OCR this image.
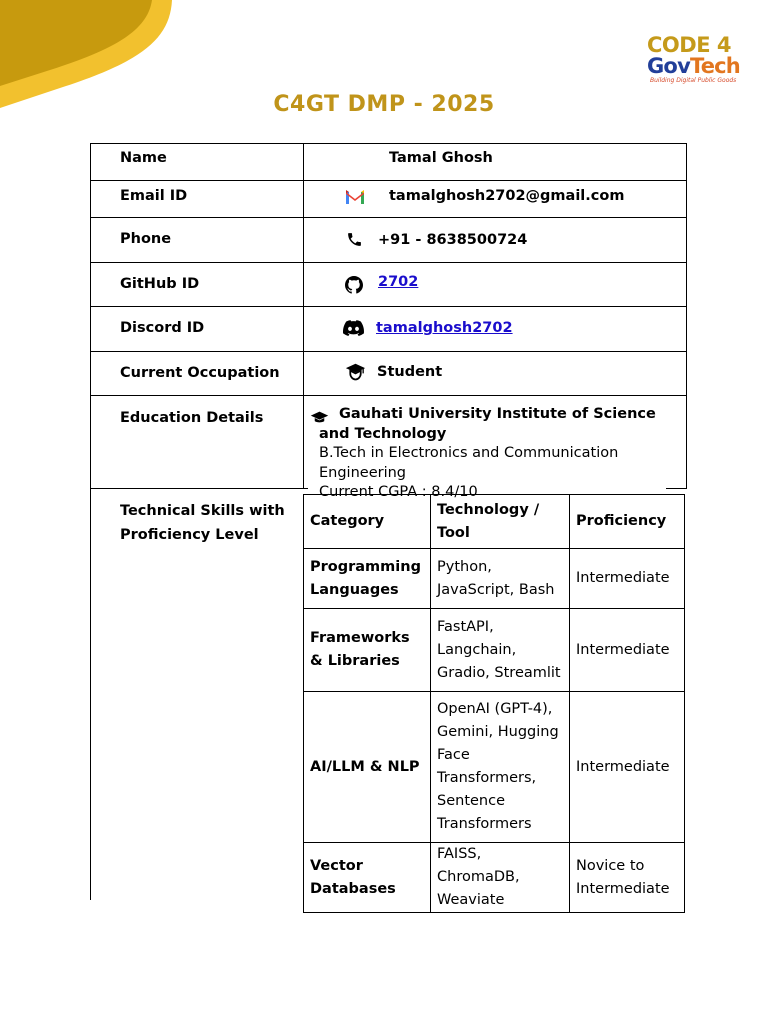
CODE 4
GovTech
Building Digital Public Goods
C4GT DMP - 2025
Name	Tamal Ghosh
Email ID	tamalghosh2702@gmail.com
Phone	+91 - 8638500724
GitHub ID	2702
Discord ID	tamalghosh2702
Current Occupation	Student
Education Details	Gauhati University Institute of Science and Technology
B.Tech in Electronics and Communication Engineering
Current CGPA : 8.4/10
Technical Skills with Proficiency Level
Category	Technology / Tool	Proficiency
Programming Languages	Python, JavaScript, Bash	Intermediate
Frameworks & Libraries	FastAPI, Langchain, Gradio, Streamlit	Intermediate
AI/LLM & NLP	OpenAI (GPT-4), Gemini, Hugging Face Transformers, Sentence Transformers	Intermediate
Vector Databases	FAISS, ChromaDB, Weaviate	Novice to Intermediate
